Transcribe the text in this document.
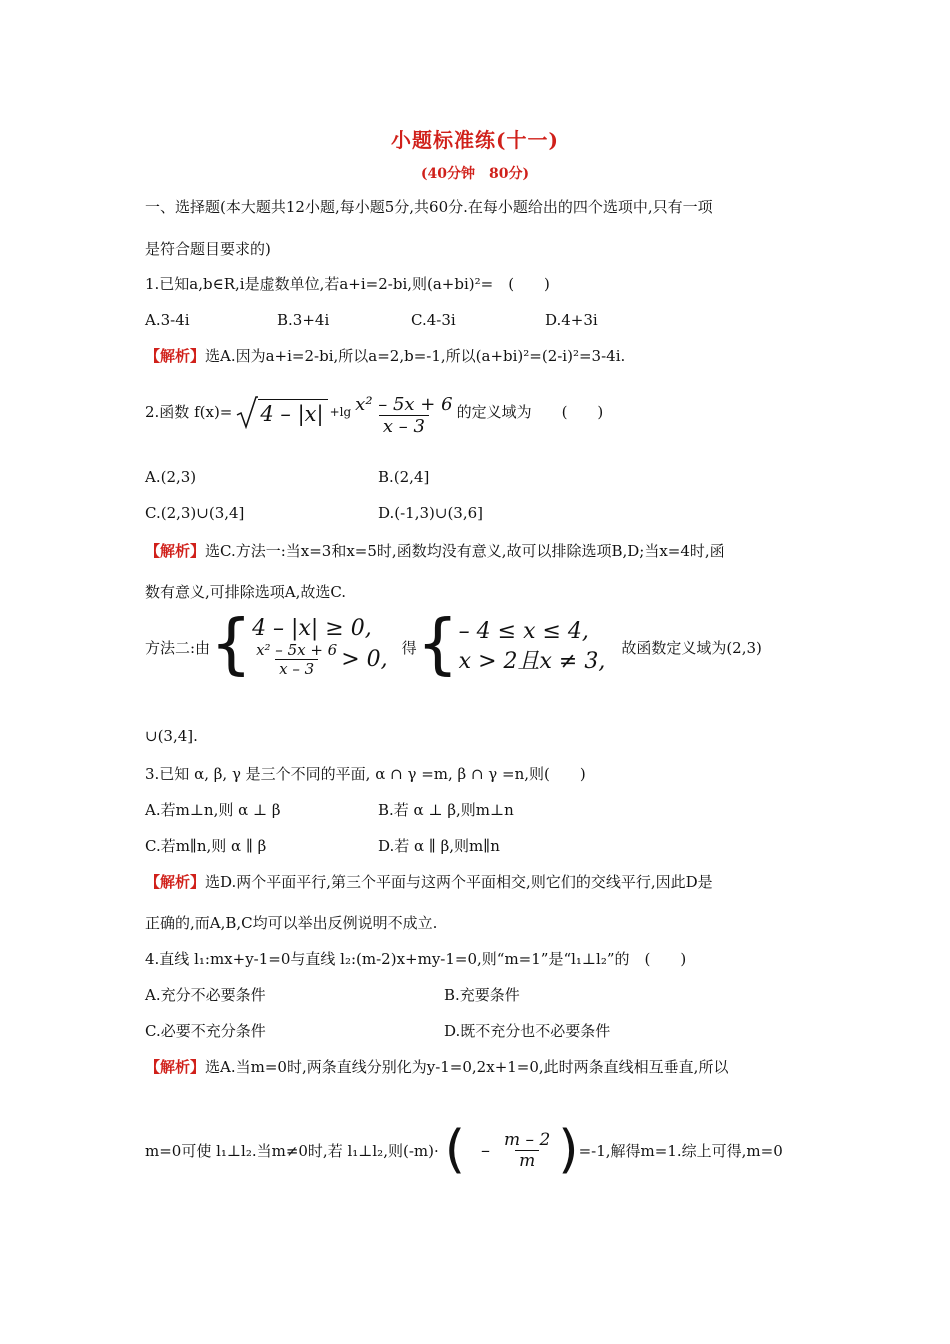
小题标准练(十一)
(40分钟　80分)
一、选择题(本大题共12小题,每小题5分,共60分.在每小题给出的四个选项中,只有一项
是符合题目要求的)
1.已知a,b∈R,i是虚数单位,若a+i=2-bi,则(a+bi)²=　(　　)
A.3-4i	B.3+4i	C.4-3i	D.4+3i
【解析】选A.因为a+i=2-bi,所以a=2,b=-1,所以(a+bi)²=(2-i)²=3-4i.
2.函数 $f(x)= 4 - |x| +\lg \frac{\text{x² – 5x + 6}}{x - 3}$ 的定义域为　　(　　)
A.(2,3)	B.(2,4]
C.(2,3)∪(3,4]	D.(-1,3)∪(3,6]
【解析】选C.方法一:当x=3和x=5时,函数均没有意义,故可以排除选项B,D;当x=4时,函
数有意义,可排除选项A,故选C.
方法二:由 { 4 – |x| ≥ 0,
$\frac{\text{x² – 5x + 6}}{x - 3} > 0$, 得 { – 4 ≤ x ≤ 4,
x > 2且x ≠ 3,
故函数定义域为(2,3)
∪(3,4].
3.已知 α, β, γ 是三个不同的平面, α ∩ γ =m, β ∩ γ =n,则(　　)
A.若m⊥n,则 α ⊥ β	B.若 α ⊥ β,则m⊥n
C.若m∥n,则 α ∥ β	D.若 α ∥ β,则m∥n
【解析】选D.两个平面平行,第三个平面与这两个平面相交,则它们的交线平行,因此D是
正确的,而A,B,C均可以举出反例说明不成立.
4.直线 l₁:mx+y-1=0与直线 l₂:(m-2)x+my-1=0,则“m=1”是“l₁⊥l₂”的　(　　)
A.充分不必要条件	B.充要条件
C.必要不充分条件	D.既不充分也不必要条件
【解析】选A.当m=0时,两条直线分别化为y-1=0,2x+1=0,此时两条直线相互垂直,所以
m=0可使 l₁⊥l₂.当m≠0时,若 l₁⊥l₂,则(-m)· ( – $\frac{m - 2}{m}$ ) =-1,解得m=1.综上可得,m=0
